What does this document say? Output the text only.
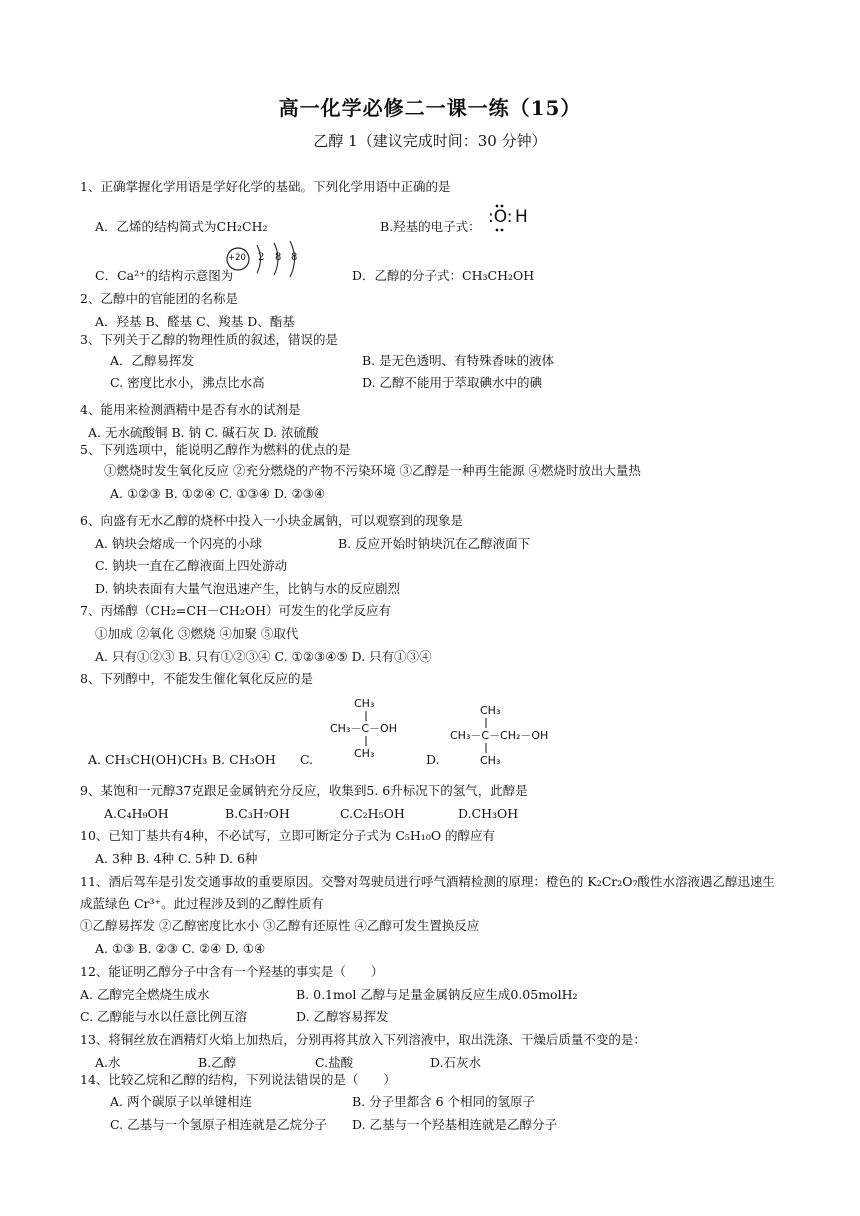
高一化学必修二一课一练（15）
乙醇 1（建议完成时间：30 分钟）
1、正确掌握化学用语是学好化学的基础。下列化学用语中正确的是
A．乙烯的结构简式为CH₂CH₂	B.羟基的电子式： :O: H
C．Ca²⁺的结构示意图为
+20 2 8 8
D．乙醇的分子式：CH₃CH₂OH
2、乙醇中的官能团的名称是
A．羟基 B、醛基 C、羧基 D、酯基
3、下列关于乙醇的物理性质的叙述，错误的是
A．乙醇易挥发	B. 是无色透明、有特殊香味的液体
C. 密度比水小，沸点比水高	D. 乙醇不能用于萃取碘水中的碘
4、能用来检测酒精中是否有水的试剂是
A. 无水硫酸铜 B. 钠 C. 碱石灰 D. 浓硫酸
5、下列选项中，能说明乙醇作为燃料的优点的是
①燃烧时发生氧化反应 ②充分燃烧的产物不污染环境 ③乙醇是一种再生能源 ④燃烧时放出大量热
A. ①②③ B. ①②④ C. ①③④ D. ②③④
6、向盛有无水乙醇的烧杯中投入一小块金属钠，可以观察到的现象是
A. 钠块会熔成一个闪亮的小球	B. 反应开始时钠块沉在乙醇液面下
C. 钠块一直在乙醇液面上四处游动
D. 钠块表面有大量气泡迅速产生，比钠与水的反应剧烈
7、丙烯醇（CH₂=CH－CH₂OH）可发生的化学反应有
①加成 ②氧化 ③燃烧 ④加聚 ⑤取代
A. 只有①②③ B. 只有①②③④ C. ①②③④⑤ D. 只有①③④
8、下列醇中，不能发生催化氧化反应的是
CH₃
CH₃－C－OH
CH₃
CH₃
CH₃－C－CH₂－OH
CH₃
A. CH₃CH(OH)CH₃ B. CH₃OH C.	D.
9、某饱和一元醇37克跟足金属钠充分反应，收集到5. 6升标况下的氢气，此醇是
A.C₄H₉OH	B.C₃H₇OH	C.C₂H₅OH	D.CH₃OH
10、已知丁基共有4种，不必试写，立即可断定分子式为 C₅H₁₀O 的醇应有
A. 3种 B. 4种 C. 5种 D. 6种
11、酒后驾车是引发交通事故的重要原因。交警对驾驶员进行呼气酒精检测的原理：橙色的 K₂Cr₂O₇酸性水溶液遇乙醇迅速生
成蓝绿色 Cr³⁺。此过程涉及到的乙醇性质有
①乙醇易挥发 ②乙醇密度比水小 ③乙醇有还原性 ④乙醇可发生置换反应
A. ①③ B. ②③ C. ②④ D. ①④
12、能证明乙醇分子中含有一个羟基的事实是（　　）
A. 乙醇完全燃烧生成水	B. 0.1mol 乙醇与足量金属钠反应生成0.05molH₂
C. 乙醇能与水以任意比例互溶	D. 乙醇容易挥发
13、将铜丝放在酒精灯火焰上加热后，分别再将其放入下列溶液中，取出洗涤、干燥后质量不变的是：
A.水	B.乙醇	C.盐酸	D.石灰水
14、比较乙烷和乙醇的结构，下列说法错误的是（　　）
A. 两个碳原子以单键相连	B. 分子里都含 6 个相同的氢原子
C. 乙基与一个氢原子相连就是乙烷分子 D. 乙基与一个羟基相连就是乙醇分子
